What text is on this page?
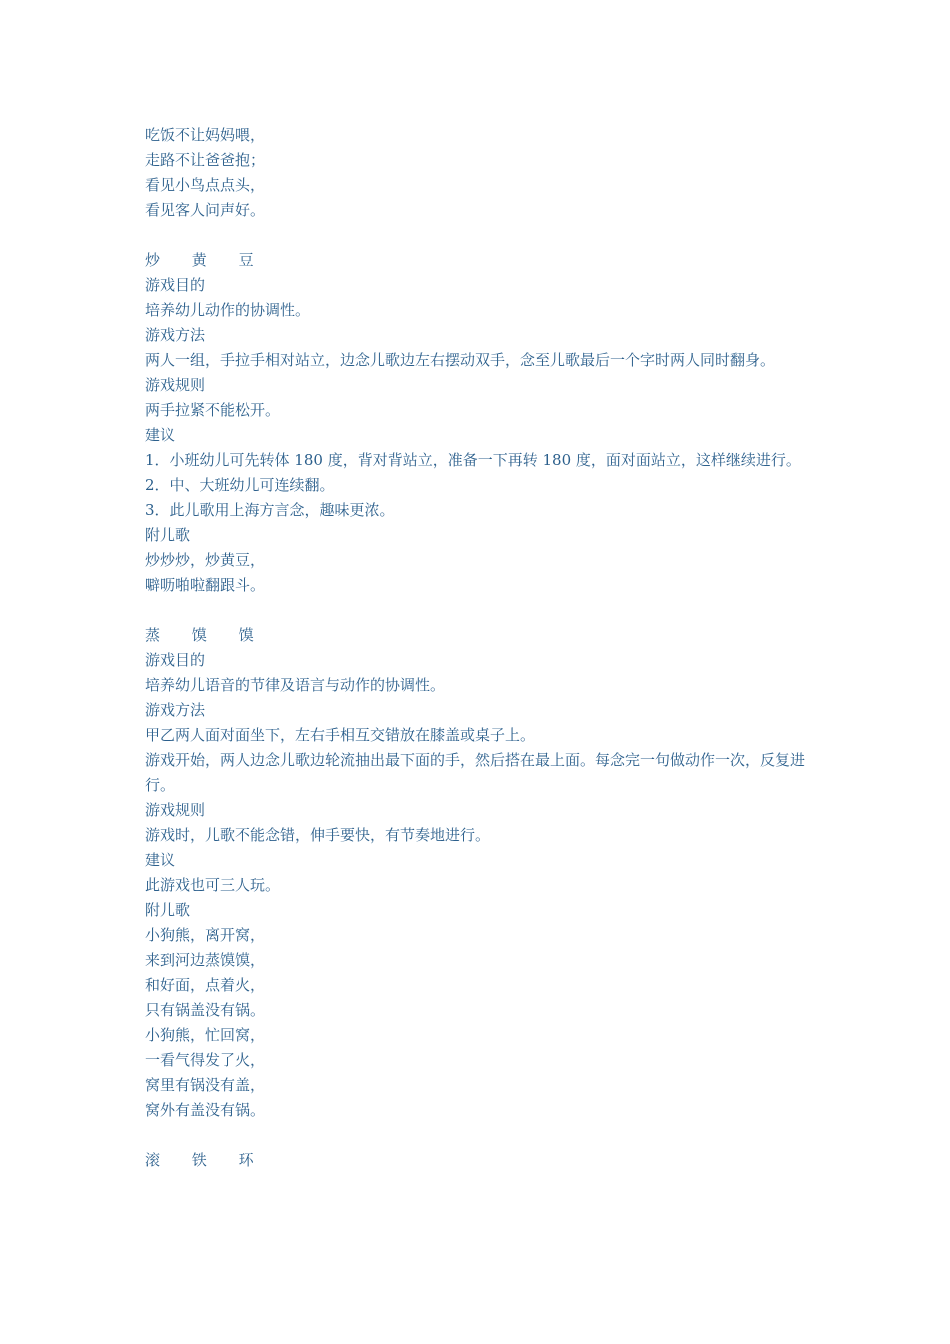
吃饭不让妈妈喂，
走路不让爸爸抱；
看见小鸟点点头，
看见客人问声好。
炒 黄 豆
游戏目的
培养幼儿动作的协调性。
游戏方法
两人一组，手拉手相对站立，边念儿歌边左右摆动双手，念至儿歌最后一个字时两人同时翻身。
游戏规则
两手拉紧不能松开。
建议
1．小班幼儿可先转体 180 度，背对背站立，准备一下再转 180 度，面对面站立，这样继续进行。
2．中、大班幼儿可连续翻。
3．此儿歌用上海方言念，趣味更浓。
附儿歌
炒炒炒，炒黄豆，
噼呖啪啦翻跟斗。
蒸 馍 馍
游戏目的
培养幼儿语音的节律及语言与动作的协调性。
游戏方法
甲乙两人面对面坐下，左右手相互交错放在膝盖或桌子上。
游戏开始，两人边念儿歌边轮流抽出最下面的手，然后搭在最上面。每念完一句做动作一次，反复进行。
游戏规则
游戏时，儿歌不能念错，伸手要快，有节奏地进行。
建议
此游戏也可三人玩。
附儿歌
小狗熊，离开窝，
来到河边蒸馍馍，
和好面，点着火，
只有锅盖没有锅。
小狗熊，忙回窝，
一看气得发了火，
窝里有锅没有盖，
窝外有盖没有锅。
滚 铁 环
